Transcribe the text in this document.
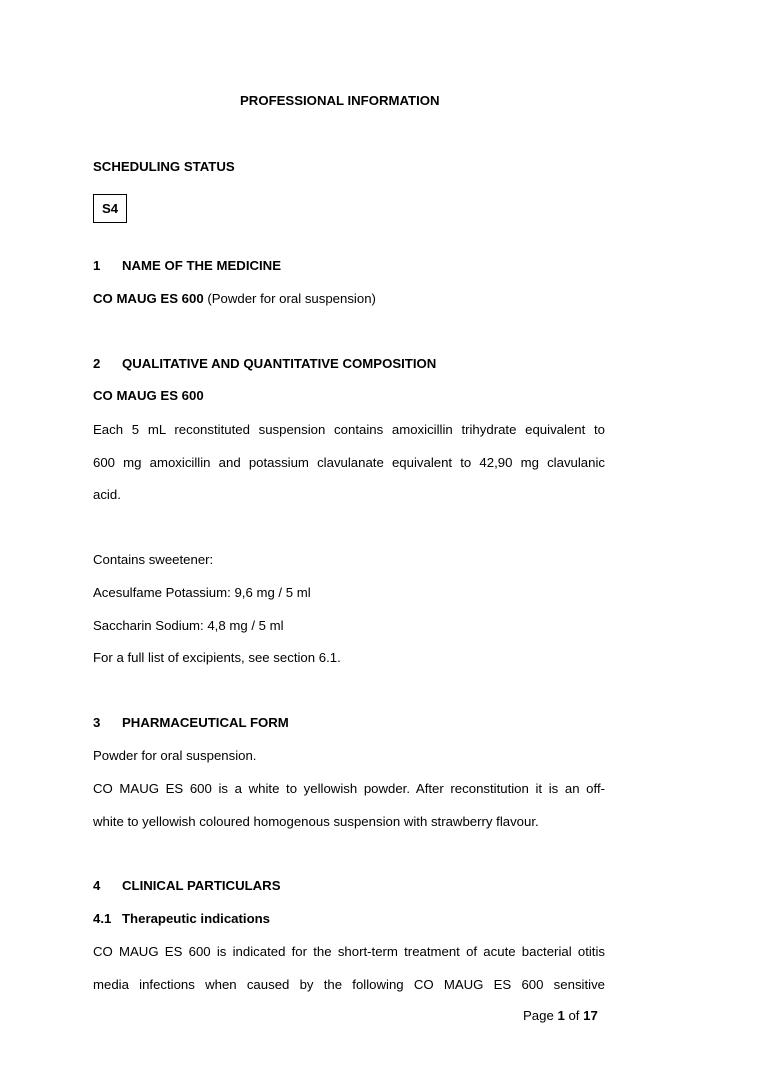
PROFESSIONAL INFORMATION
SCHEDULING STATUS
S4
1 NAME OF THE MEDICINE
CO MAUG ES 600 (Powder for oral suspension)
2 QUALITATIVE AND QUANTITATIVE COMPOSITION
CO MAUG ES 600
Each 5 mL reconstituted suspension contains amoxicillin trihydrate equivalent to
600 mg amoxicillin and potassium clavulanate equivalent to 42,90 mg clavulanic
acid.
Contains sweetener:
Acesulfame Potassium: 9,6 mg / 5 ml
Saccharin Sodium: 4,8 mg / 5 ml
For a full list of excipients, see section 6.1.
3 PHARMACEUTICAL FORM
Powder for oral suspension.
CO MAUG ES 600 is a white to yellowish powder. After reconstitution it is an off-
white to yellowish coloured homogenous suspension with strawberry flavour.
4 CLINICAL PARTICULARS
4.1 Therapeutic indications
CO MAUG ES 600 is indicated for the short-term treatment of acute bacterial otitis
media infections when caused by the following CO MAUG ES 600 sensitive
Page 1 of 17
